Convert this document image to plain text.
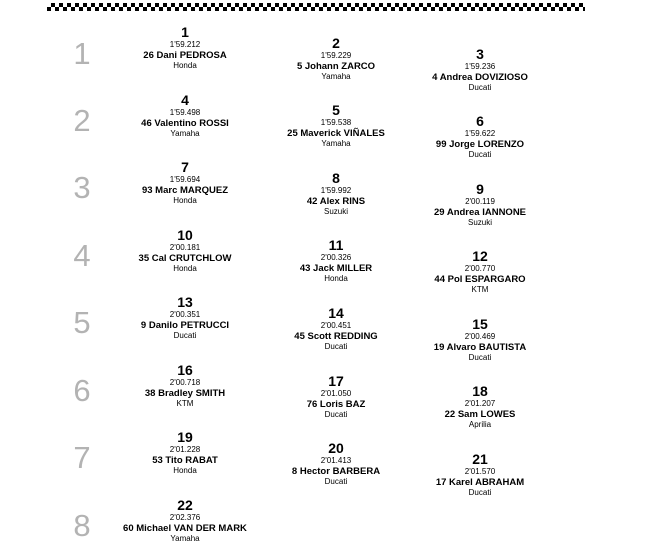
1
2
3
4
5
6
7
8
1
1'59.212
26 Dani PEDROSA
Honda
2
1'59.229
5 Johann ZARCO
Yamaha
3
1'59.236
4 Andrea DOVIZIOSO
Ducati
4
1'59.498
46 Valentino ROSSI
Yamaha
5
1'59.538
25 Maverick VIÑALES
Yamaha
6
1'59.622
99 Jorge LORENZO
Ducati
7
1'59.694
93 Marc MARQUEZ
Honda
8
1'59.992
42 Alex RINS
Suzuki
9
2'00.119
29 Andrea IANNONE
Suzuki
10
2'00.181
35 Cal CRUTCHLOW
Honda
11
2'00.326
43 Jack MILLER
Honda
12
2'00.770
44 Pol ESPARGARO
KTM
13
2'00.351
9 Danilo PETRUCCI
Ducati
14
2'00.451
45 Scott REDDING
Ducati
15
2'00.469
19 Alvaro BAUTISTA
Ducati
16
2'00.718
38 Bradley SMITH
KTM
17
2'01.050
76 Loris BAZ
Ducati
18
2'01.207
22 Sam LOWES
Aprilia
19
2'01.228
53 Tito RABAT
Honda
20
2'01.413
8 Hector BARBERA
Ducati
21
2'01.570
17 Karel ABRAHAM
Ducati
22
2'02.376
60 Michael VAN DER MARK
Yamaha
